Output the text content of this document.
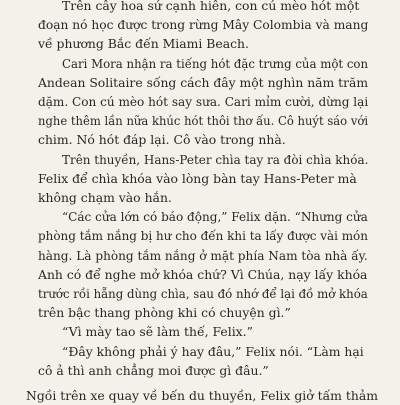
Trên cây hoa sứ cạnh hiên, con cú mèo hót một
đoạn nó học được trong rừng Mây Colombia và mang
về phương Bắc đến Miami Beach.
Cari Mora nhận ra tiếng hót đặc trưng của một con
Andean Solitaire sống cách đây một nghìn năm trăm
dặm. Con cú mèo hót say sưa. Cari mỉm cười, dừng lại
nghe thêm lần nữa khúc hót thôi thơ ấu. Cô huýt sáo với
chim. Nó hót đáp lại. Cô vào trong nhà.
Trên thuyền, Hans-Peter chìa tay ra đòi chìa khóa.
Felix để chìa khóa vào lòng bàn tay Hans-Peter mà
không chạm vào hắn.
“Các cửa lớn có báo động,” Felix dặn. “Nhưng cửa
phòng tắm nắng bị hư cho đến khi ta lấy được vài món
hàng. Là phòng tắm nắng ở mặt phía Nam tòa nhà ấy.
Anh có để nghe mở khóa chứ? Vì Chúa, nạy lấy khóa
trước rồi hẵng dùng chìa, sau đó nhớ để lại đồ mở khóa
trên bậc thang phòng khi có chuyện gì.”
“Vì mày tao sẽ làm thế, Felix.”
“Đây không phải ý hay đâu,” Felix nói. “Làm hại
cô ả thì anh chẳng moi được gì đâu.”
Ngồi trên xe quay về bến du thuyền, Felix giở tấm thảm
